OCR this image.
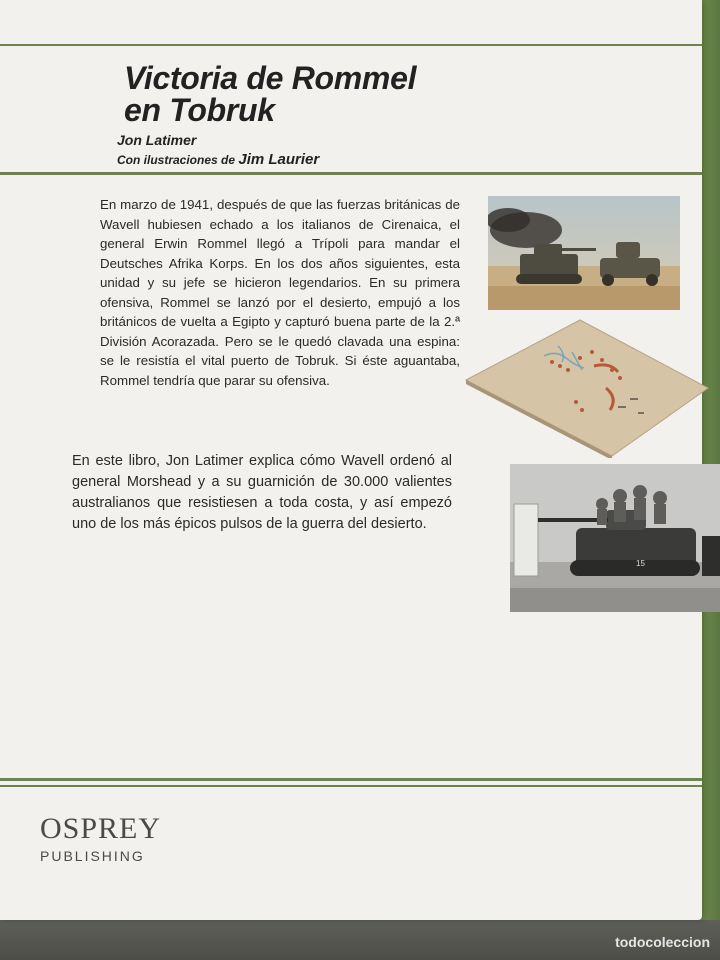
Victoria de Rommel
en Tobruk
Jon Latimer
Con ilustraciones de Jim Laurier
En marzo de 1941, después de que las fuerzas británicas de Wavell hubiesen echado a los italianos de Cirenaica, el general Erwin Rommel llegó a Trípoli para mandar el Deutsches Afrika Korps. En los dos años siguientes, esta unidad y su jefe se hicieron legendarios. En su primera ofensiva, Rommel se lanzó por el desierto, empujó a los británicos de vuelta a Egipto y capturó buena parte de la 2.ª División Acorazada. Pero se le quedó clavada una espina: se le resistía el vital puerto de Tobruk. Si éste aguantaba, Rommel tendría que parar su ofensiva.
En este libro, Jon Latimer explica cómo Wavell ordenó al general Morshead y a su guarnición de 30.000 valientes australianos que resistiesen a toda costa, y así empezó uno de los más épicos pulsos de la guerra del desierto.
15
OSPREY
PUBLISHING
todocoleccion
